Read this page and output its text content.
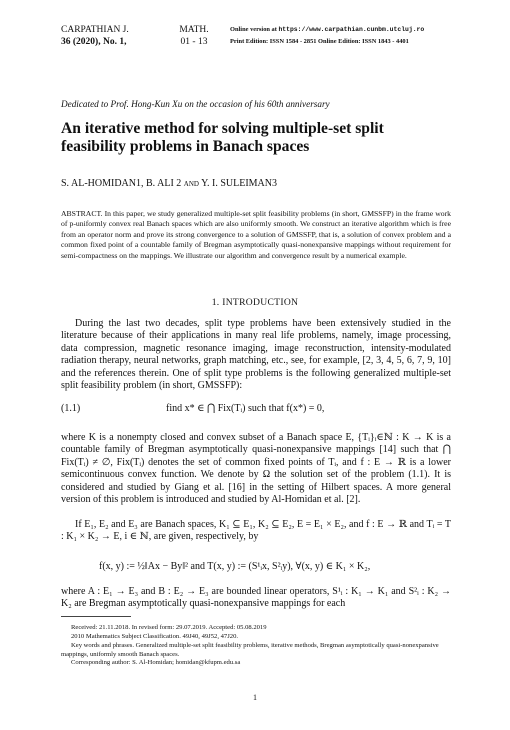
CARPATHIAN J.
36 (2020), No. 1,
MATH.
01 - 13
Online version at https://www.carpathian.cunbm.utcluj.ro
Print Edition: ISSN 1584 - 2851 Online Edition: ISSN 1843 - 4401
Dedicated to Prof. Hong-Kun Xu on the occasion of his 60th anniversary
An iterative method for solving multiple-set split feasibility problems in Banach spaces
S. AL-HOMIDAN1, B. ALI 2 and Y. I. SULEIMAN3
ABSTRACT. In this paper, we study generalized multiple-set split feasibility problems (in short, GMSSFP) in the frame work of p-uniformly convex real Banach spaces which are also uniformly smooth. We construct an iterative algorithm which is free from an operator norm and prove its strong convergence to a solution of GMSSFP, that is, a solution of convex problem and a common fixed point of a countable family of Bregman asymptotically quasi-nonexpansive mappings without requirement for semi-compactness on the mappings. We illustrate our algorithm and convergence result by a numerical example.
1. INTRODUCTION
During the last two decades, split type problems have been extensively studied in the literature because of their applications in many real life problems, namely, image processing, data compression, magnetic resonance imaging, image reconstruction, intensity-modulated radiation therapy, neural networks, graph matching, etc., see, for example, [2, 3, 4, 5, 6, 7, 9, 10] and the references therein. One of split type problems is the following generalized multiple-set split feasibility problem (in short, GMSSFP):
(1.1)	find x* ∈ ⋂ Fix(Tᵢ) such that f(x*) = 0,
where K is a nonempty closed and convex subset of a Banach space E, {Tᵢ}ᵢ∈ℕ : K → K is a countable family of Bregman asymptotically quasi-nonexpansive mappings [14] such that ⋂ Fix(Tᵢ) ≠ ∅, Fix(Tᵢ) denotes the set of common fixed points of Tᵢ, and f : E → ℝ is a lower semicontinuous convex function. We denote by Ω the solution set of the problem (1.1). It is considered and studied by Giang et al. [16] in the setting of Hilbert spaces. A more general version of this problem is introduced and studied by Al-Homidan et al. [2].
If E₁, E₂ and E₃ are Banach spaces, K₁ ⊆ E₁, K₂ ⊆ E₂, E = E₁ × E₂, and f : E → ℝ and Tᵢ = T : K₁ × K₂ → E, i ∈ ℕ, are given, respectively, by
f(x, y) := ½‖Ax − By‖² and T(x, y) := (S¹ᵢx, S²ᵢy), ∀(x, y) ∈ K₁ × K₂,
where A : E₁ → E₃ and B : E₂ → E₃ are bounded linear operators, S¹ᵢ : K₁ → K₁ and S²ᵢ : K₂ → K₂ are Bregman asymptotically quasi-nonexpansive mappings for each
Received: 21.11.2018. In revised form: 29.07.2019. Accepted: 05.08.2019
2010 Mathematics Subject Classification. 49J40, 49J52, 47J20.
Key words and phrases. Generalized multiple-set split feasibility problems, iterative methods, Bregman asymptotically quasi-nonexpansive mappings, uniformly smooth Banach spaces.
Corresponding author: S. Al-Homidan; homidan@kfupm.edu.sa
1
